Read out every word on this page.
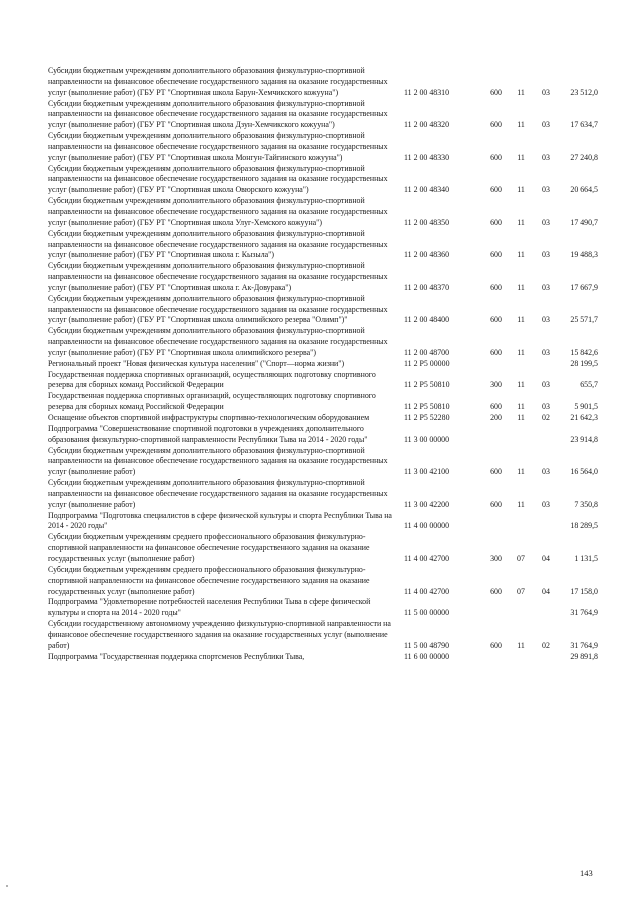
Субсидии бюджетным учреждениям дополнительного образования физкультурно-спортивной направленности на финансовое обеспечение государственного задания на оказание государственных услуг (выполнение работ) (ГБУ РТ "Спортивная школа Барун-Хемчикского кожууна")	11 2 00 48310	600	11	03	23 512,0
Субсидии бюджетным учреждениям дополнительного образования физкультурно-спортивной направленности на финансовое обеспечение государственного задания на оказание государственных услуг (выполнение работ) (ГБУ РТ "Спортивная школа Дзун-Хемчикского кожууна")	11 2 00 48320	600	11	03	17 634,7
Субсидии бюджетным учреждениям дополнительного образования физкультурно-спортивной направленности на финансовое обеспечение государственного задания на оказание государственных услуг (выполнение работ) (ГБУ РТ "Спортивная школа Монгун-Тайгинского кожууна")	11 2 00 48330	600	11	03	27 240,8
Субсидии бюджетным учреждениям дополнительного образования физкультурно-спортивной направленности на финансовое обеспечение государственного задания на оказание государственных услуг (выполнение работ) (ГБУ РТ "Спортивная школа Овюрского кожууна")	11 2 00 48340	600	11	03	20 664,5
Субсидии бюджетным учреждениям дополнительного образования физкультурно-спортивной направленности на финансовое обеспечение государственного задания на оказание государственных услуг (выполнение работ) (ГБУ РТ "Спортивная школа Улуг-Хемского кожууна")	11 2 00 48350	600	11	03	17 490,7
Субсидии бюджетным учреждениям дополнительного образования физкультурно-спортивной направленности на финансовое обеспечение государственного задания на оказание государственных услуг (выполнение работ) (ГБУ РТ "Спортивная школа г. Кызыла")	11 2 00 48360	600	11	03	19 488,3
Субсидии бюджетным учреждениям дополнительного образования физкультурно-спортивной направленности на финансовое обеспечение государственного задания на оказание государственных услуг (выполнение работ) (ГБУ РТ "Спортивная школа г. Ак-Довурака")	11 2 00 48370	600	11	03	17 667,9
Субсидии бюджетным учреждениям дополнительного образования физкультурно-спортивной направленности на финансовое обеспечение государственного задания на оказание государственных услуг (выполнение работ) (ГБУ РТ "Спортивная школа олимпийского резерва "Олимп")"	11 2 00 48400	600	11	03	25 571,7
Субсидии бюджетным учреждениям дополнительного образования физкультурно-спортивной направленности на финансовое обеспечение государственного задания на оказание государственных услуг (выполнение работ) (ГБУ РТ "Спортивная школа олимпийского резерва")	11 2 00 48700	600	11	03	15 842,6
Региональный проект "Новая физическая культура населения" ("Спорт—норма жизни")	11 2 P5 00000				28 199,5
Государственная поддержка спортивных организаций, осуществляющих подготовку спортивного резерва для сборных команд Российской Федерации	11 2 P5 50810	300	11	03	655,7
Государственная поддержка спортивных организаций, осуществляющих подготовку спортивного резерва для сборных команд Российской Федерации	11 2 P5 50810	600	11	03	5 901,5
Оснащение объектов спортивной инфраструктуры спортивно-технологическим оборудованием	11 2 P5 52280	200	11	02	21 642,3
Подпрограмма "Совершенствование спортивной подготовки в учреждениях дополнительного образования физкультурно-спортивной направленности Республики Тыва на 2014 - 2020 годы"	11 3 00 00000				23 914,8
Субсидии бюджетным учреждениям дополнительного образования физкультурно-спортивной направленности на финансовое обеспечение государственного задания на оказание государственных услуг (выполнение работ)	11 3 00 42100	600	11	03	16 564,0
Субсидии бюджетным учреждениям дополнительного образования физкультурно-спортивной направленности на финансовое обеспечение государственного задания на оказание государственных услуг (выполнение работ)	11 3 00 42200	600	11	03	7 350,8
Подпрограмма "Подготовка специалистов в сфере физической культуры и спорта Республики Тыва на 2014 - 2020 годы"	11 4 00 00000				18 289,5
Субсидии бюджетным учреждениям среднего профессионального образования физкультурно-спортивной направленности на финансовое обеспечение государственного задания на оказание государственных услуг (выполнение работ)	11 4 00 42700	300	07	04	1 131,5
Субсидии бюджетным учреждениям среднего профессионального образования физкультурно-спортивной направленности на финансовое обеспечение государственного задания на оказание государственных услуг (выполнение работ)	11 4 00 42700	600	07	04	17 158,0
Подпрограмма "Удовлетворение потребностей населения Республики Тыва в сфере физической культуры и спорта на 2014 - 2020 годы"	11 5 00 00000				31 764,9
Субсидии государственному автономному учреждению физкультурно-спортивной направленности на финансовое обеспечение государственного задания на оказание государственных услуг (выполнение работ)	11 5 00 48790	600	11	02	31 764,9
Подпрограмма "Государственная поддержка спортсменов Республики Тыва,	11 6 00 00000				29 891,8
143
